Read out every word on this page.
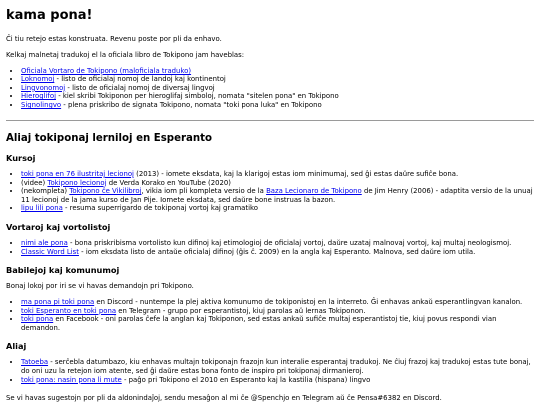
kama pona!

Ĉi tiu retejo estas konstruata. Revenu poste por pli da enhavo.

Kelkaj malnetaj tradukoj el la oficiala libro de Tokipono jam haveblas:

• Oficiala Vortaro de Tokipono (maloficiala traduko)
• Loknomoj - listo de oficialaj nomoj de landoj kaj kontinentoj
• Lingvonomoj - listo de oficialaj nomoj de diversaj lingvoj
• Hieroglifoj - kiel skribi Tokiponon per hieroglifaj simboloj, nomata "sitelen pona" en Tokipono
• Signolingvo - plena priskribo de signata Tokipono, nomata "toki pona luka" en Tokipono
Aliaj tokiponaj lerniloj en Esperanto
Kursoj
• toki pona en 76 ilustritaj lecionoj (2013) - iomete eksdata, kaj la klarigoj estas iom minimumaj, sed ĝi estas daŭre sufiĉe bona.
• (videe) Tokipono lecionoj de Verda Korako en YouTube (2020)
• (nekompleta) Tokipono ĉe Vikilibroj, vikia iom pli kompleta versio de la Baza Lecionaro de Tokipono de Jim Henry (2006) - adaptita versio de la unuaj 11 lecionoj de la jama kurso de Jan Pije. Iomete eksdata, sed daŭre bone instruas la bazon.
• lipu lili pona - resuma superrigardo de tokiponaj vortoj kaj gramatiko
Vortaroj kaj vortolistoj
• nimi ale pona - bona priskribisma vortolisto kun difinoj kaj etimologioj de oficialaj vortoj, daŭre uzataj malnovaj vortoj, kaj multaj neologismoj.
• Classic Word List - iom eksdata listo de antaŭe oficialaj difinoj (ĝis ĉ. 2009) en la angla kaj Esperanto. Malnova, sed daŭre iom utila.
Babilejoj kaj komunumoj

Bonaj lokoj por iri se vi havas demandojn pri Tokipono.

• ma pona pi toki pona en Discord - nuntempe la plej aktiva komunumo de tokiponistoj en la interreto. Ĝi enhavas ankaŭ esperantlingvan kanalon.
• toki Esperanto en toki pona en Telegram - grupo por esperantistoj, kiuj parolas aŭ lernas Tokiponon.
• toki pona en Facebook - oni parolas ĉefe la anglan kaj Tokiponon, sed estas ankaŭ sufiĉe multaj esperantistoj tie, kiuj povus respondi vian demandon.
Aliaj
• Tatoeba - serĉebla datumbazo, kiu enhavas multajn tokiponajn frazojn kun interalie esperantaj tradukoj. Ne ĉiuj frazoj kaj tradukoj estas tute bonaj, do oni uzu la retejon iom atente, sed ĝi daŭre estas bona fonto de inspiro pri tokiponaj dirmanieroj.
• toki pona: nasin pona li mute - paĝo pri Tokipono el 2010 en Esperanto kaj la kastilia (hispana) lingvo

Se vi havas sugestojn por pli da aldonindaĵoj, sendu mesaĝon al mi ĉe @Spenchjo en Telegram aŭ ĉe Pensa#6382 en Discord.
